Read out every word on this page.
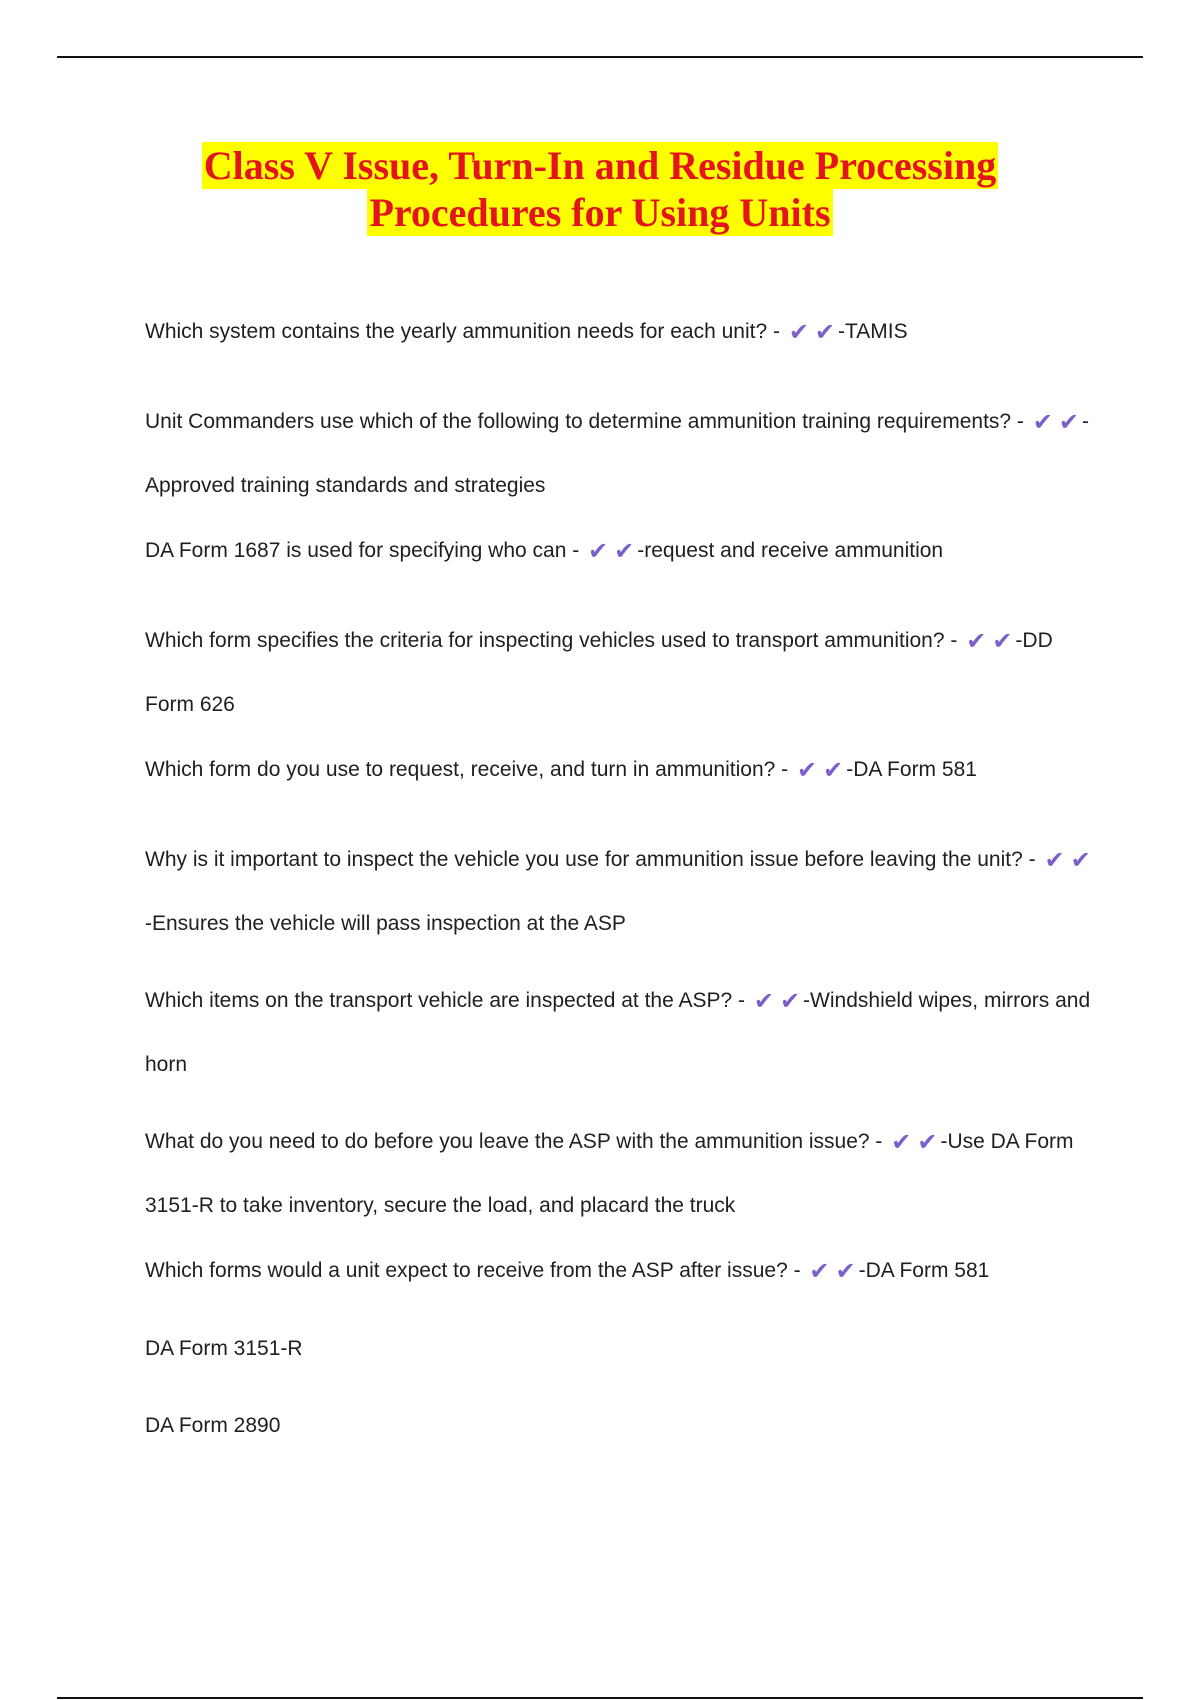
Class V Issue, Turn-In and Residue Processing
Procedures for Using Units
Which system contains the yearly ammunition needs for each unit? - ✔ ✔ -TAMIS
Unit Commanders use which of the following to determine ammunition training requirements? - ✔ ✔ -Approved training standards and strategies
DA Form 1687 is used for specifying who can - ✔ ✔ -request and receive ammunition
Which form specifies the criteria for inspecting vehicles used to transport ammunition? - ✔ ✔ -DD Form 626
Which form do you use to request, receive, and turn in ammunition? - ✔ ✔ -DA Form 581
Why is it important to inspect the vehicle you use for ammunition issue before leaving the unit? - ✔ ✔-Ensures the vehicle will pass inspection at the ASP
Which items on the transport vehicle are inspected at the ASP? - ✔ ✔ -Windshield wipes, mirrors and horn
What do you need to do before you leave the ASP with the ammunition issue? - ✔ ✔ -Use DA Form 3151-R to take inventory, secure the load, and placard the truck
Which forms would a unit expect to receive from the ASP after issue? - ✔ ✔ -DA Form 581
DA Form 3151-R
DA Form 2890
